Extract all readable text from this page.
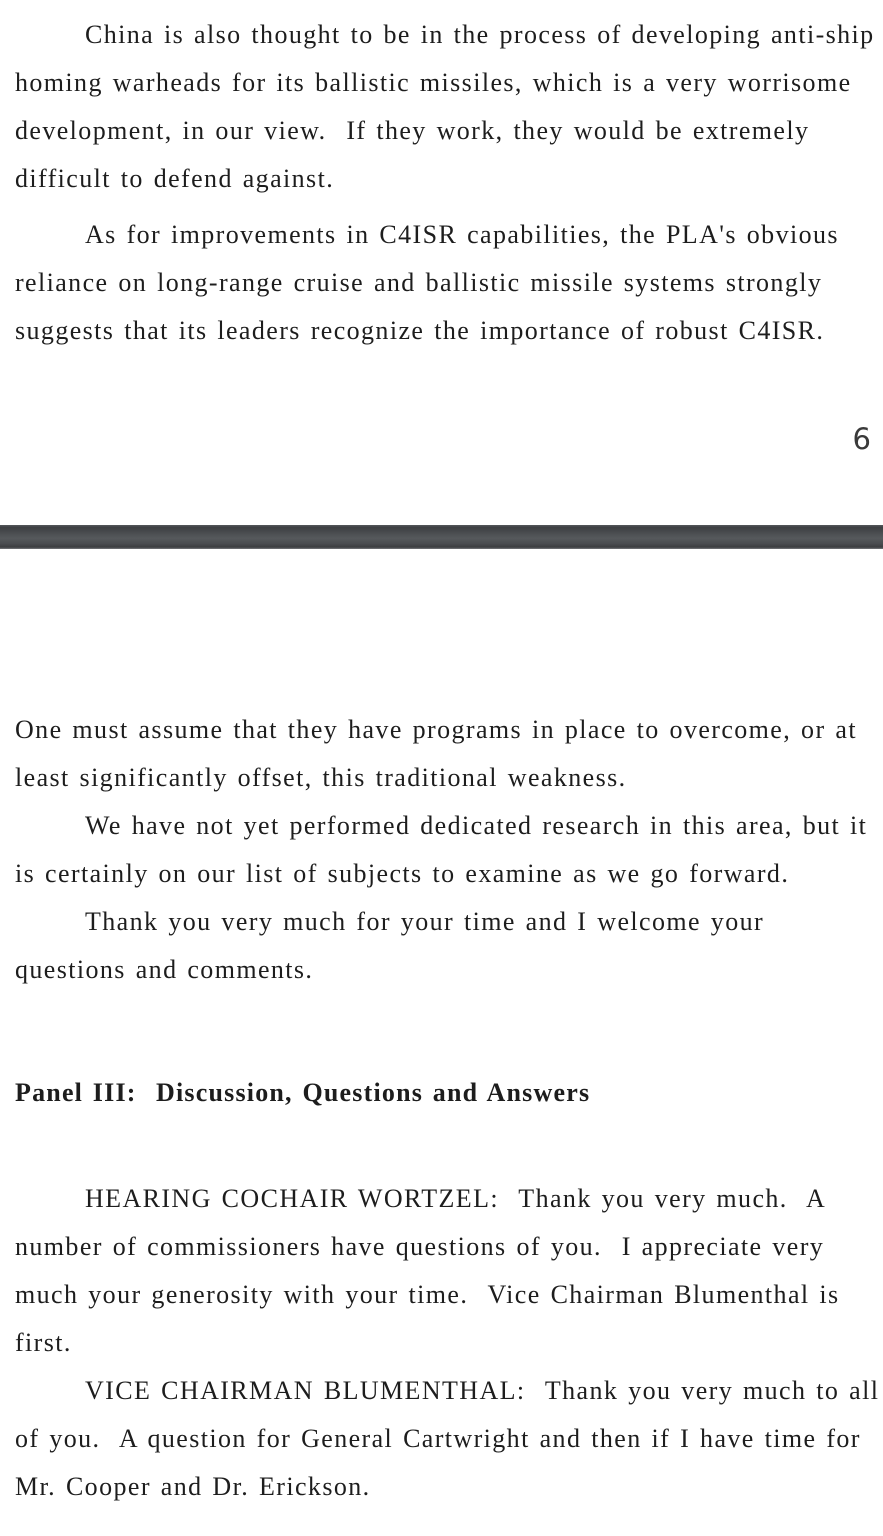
China is also thought to be in the process of developing anti-ship
homing warheads for its ballistic missiles, which is a very worrisome
development, in our view.  If they work, they would be extremely
difficult to defend against.
As for improvements in C4ISR capabilities, the PLA's obvious
reliance on long-range cruise and ballistic missile systems strongly
suggests that its leaders recognize the importance of robust C4ISR.
6
One must assume that they have programs in place to overcome, or at
least significantly offset, this traditional weakness.
We have not yet performed dedicated research in this area, but it
is certainly on our list of subjects to examine as we go forward.
Thank you very much for your time and I welcome your
questions and comments.
Panel III:  Discussion, Questions and Answers
HEARING COCHAIR WORTZEL:  Thank you very much.  A
number of commissioners have questions of you.  I appreciate very
much your generosity with your time.  Vice Chairman Blumenthal is
first.
VICE CHAIRMAN BLUMENTHAL:  Thank you very much to all
of you.  A question for General Cartwright and then if I have time for
Mr. Cooper and Dr. Erickson.
